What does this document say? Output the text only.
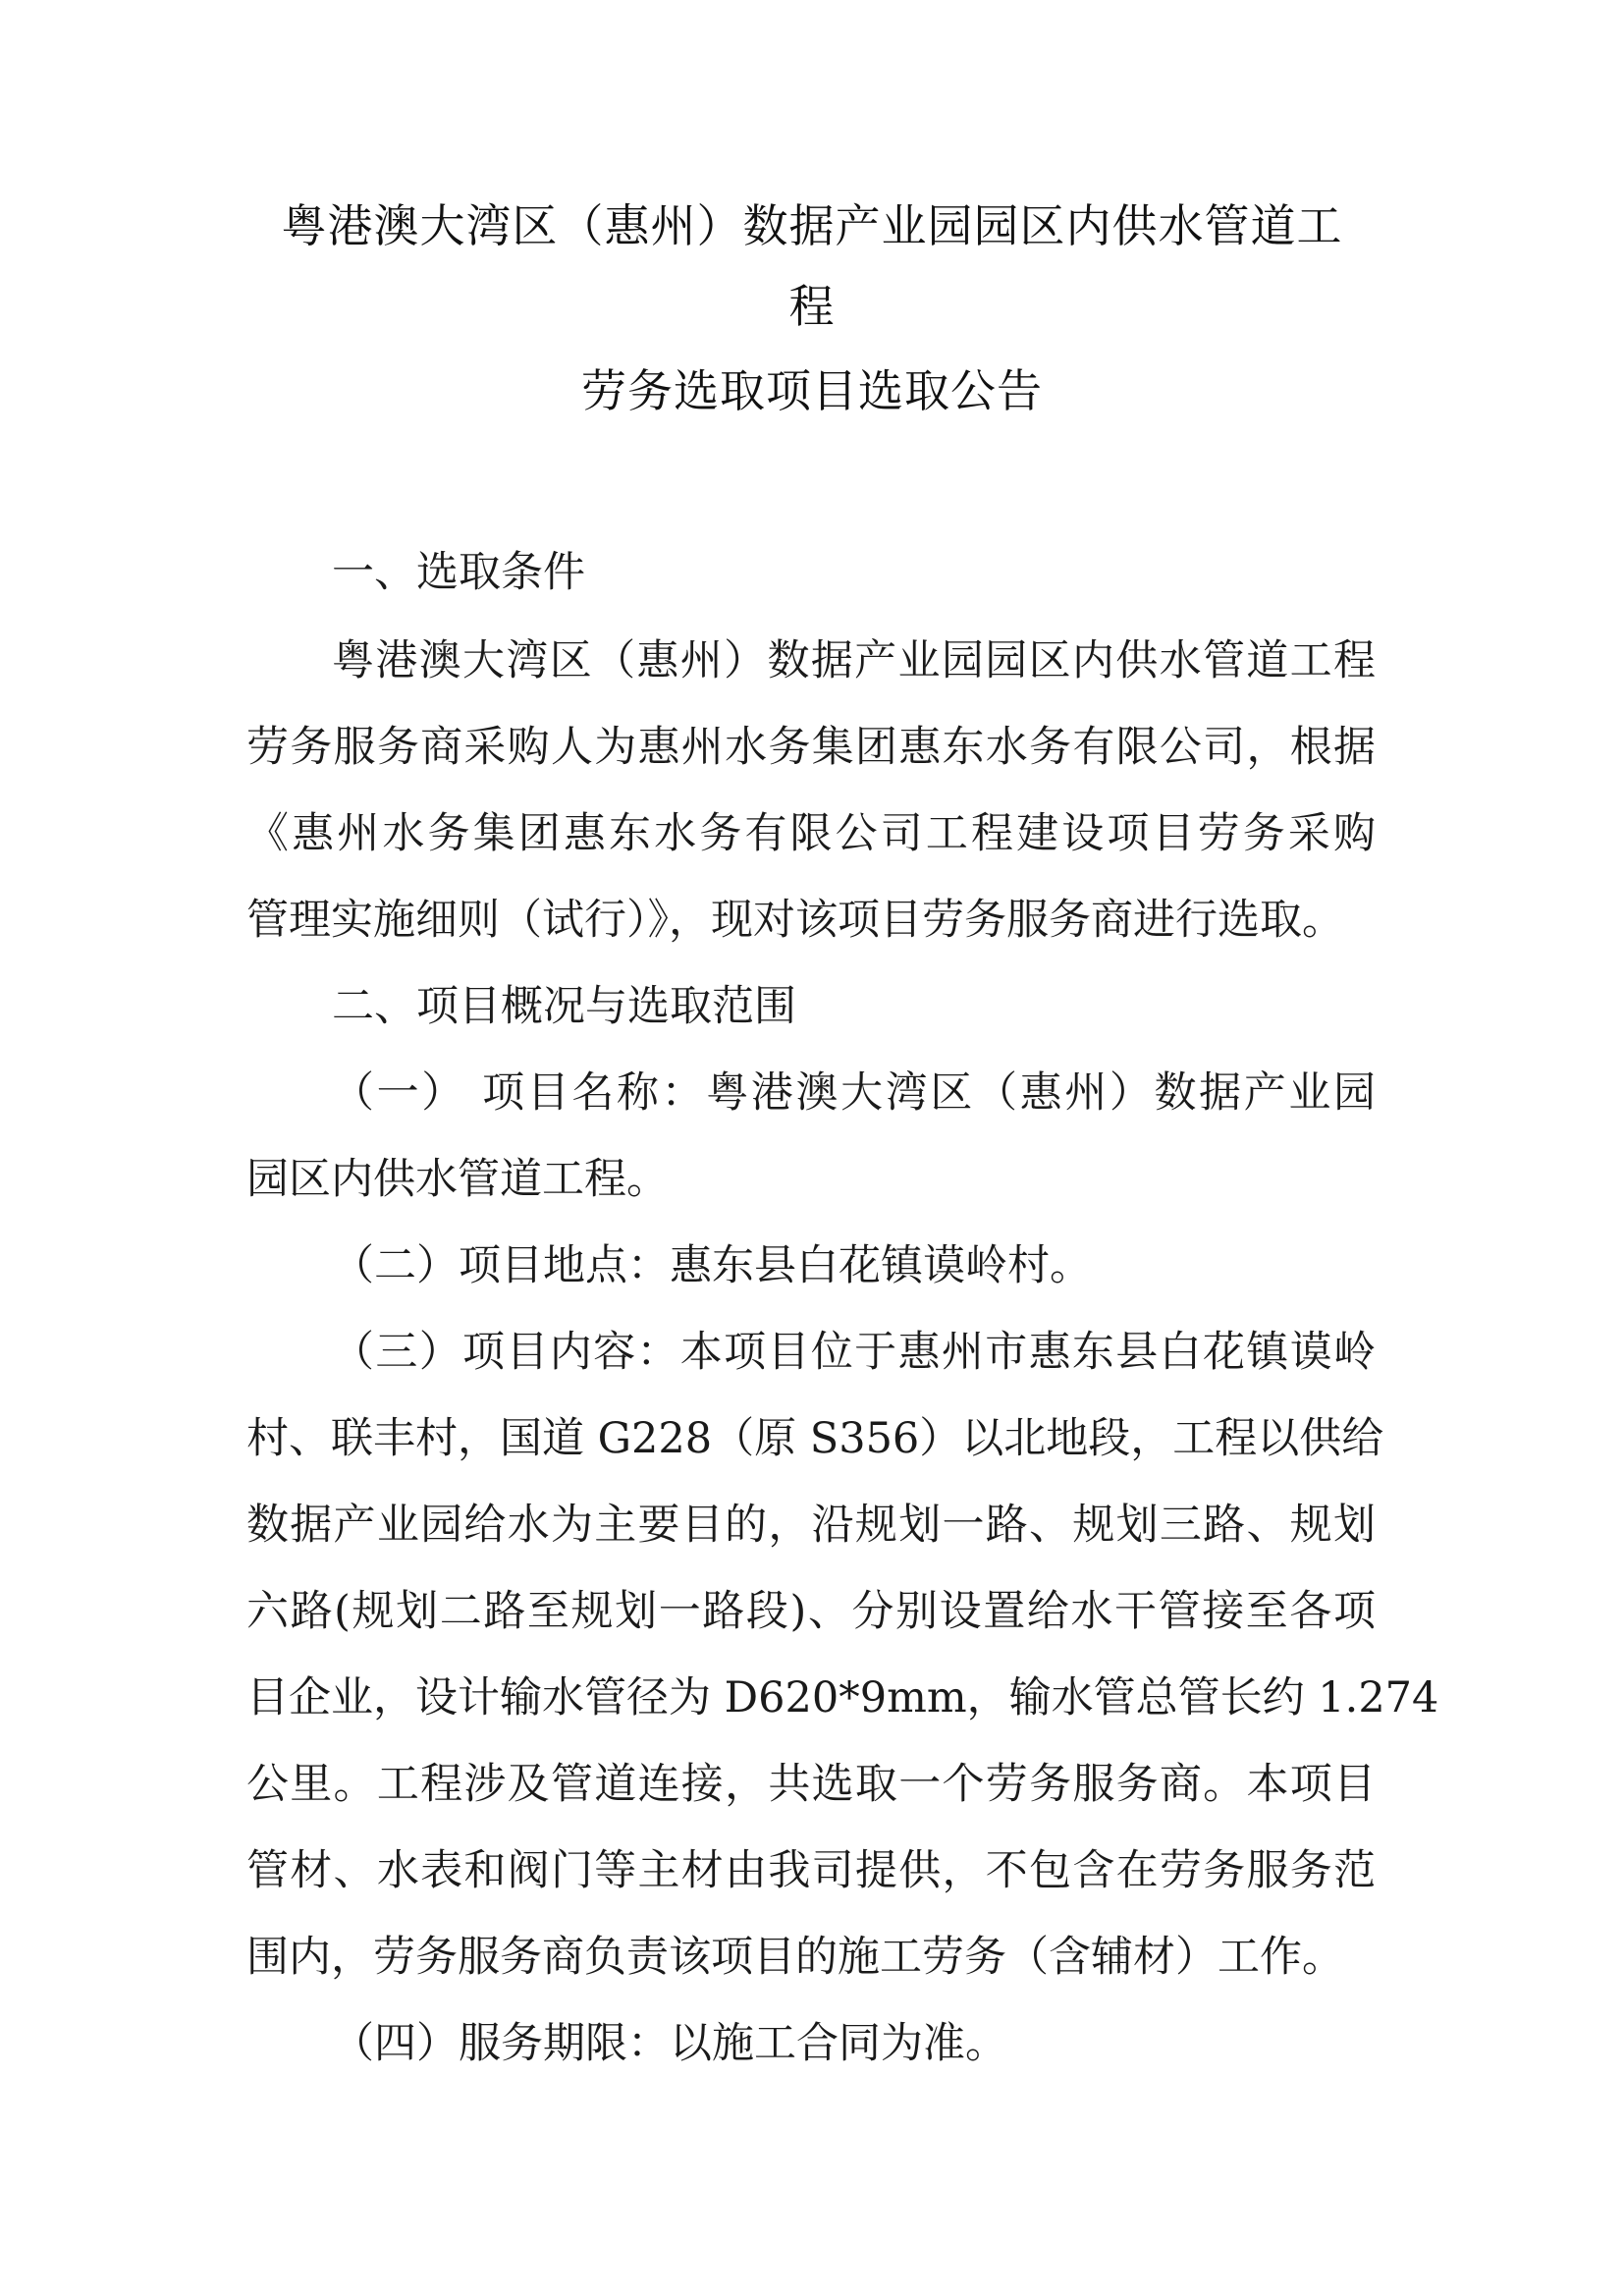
粤港澳大湾区（惠州）数据产业园园区内供水管道工
程
劳务选取项目选取公告
一、选取条件
粤港澳大湾区（惠州）数据产业园园区内供水管道工程
劳务服务商采购人为惠州水务集团惠东水务有限公司，根据
《惠州水务集团惠东水务有限公司工程建设项目劳务采购
管理实施细则（试行）》，现对该项目劳务服务商进行选取。
二、项目概况与选取范围
（一） 项目名称：粤港澳大湾区（惠州）数据产业园
园区内供水管道工程。
（二）项目地点：惠东县白花镇谟岭村。
（三）项目内容：本项目位于惠州市惠东县白花镇谟岭
村、联丰村，国道 G228（原 S356）以北地段，工程以供给
数据产业园给水为主要目的，沿规划一路、规划三路、规划
六路(规划二路至规划一路段)、分别设置给水干管接至各项
目企业，设计输水管径为 D620*9mm，输水管总管长约 1.274
公里。工程涉及管道连接，共选取一个劳务服务商。本项目
管材、水表和阀门等主材由我司提供，不包含在劳务服务范
围内，劳务服务商负责该项目的施工劳务（含辅材）工作。
（四）服务期限：以施工合同为准。
